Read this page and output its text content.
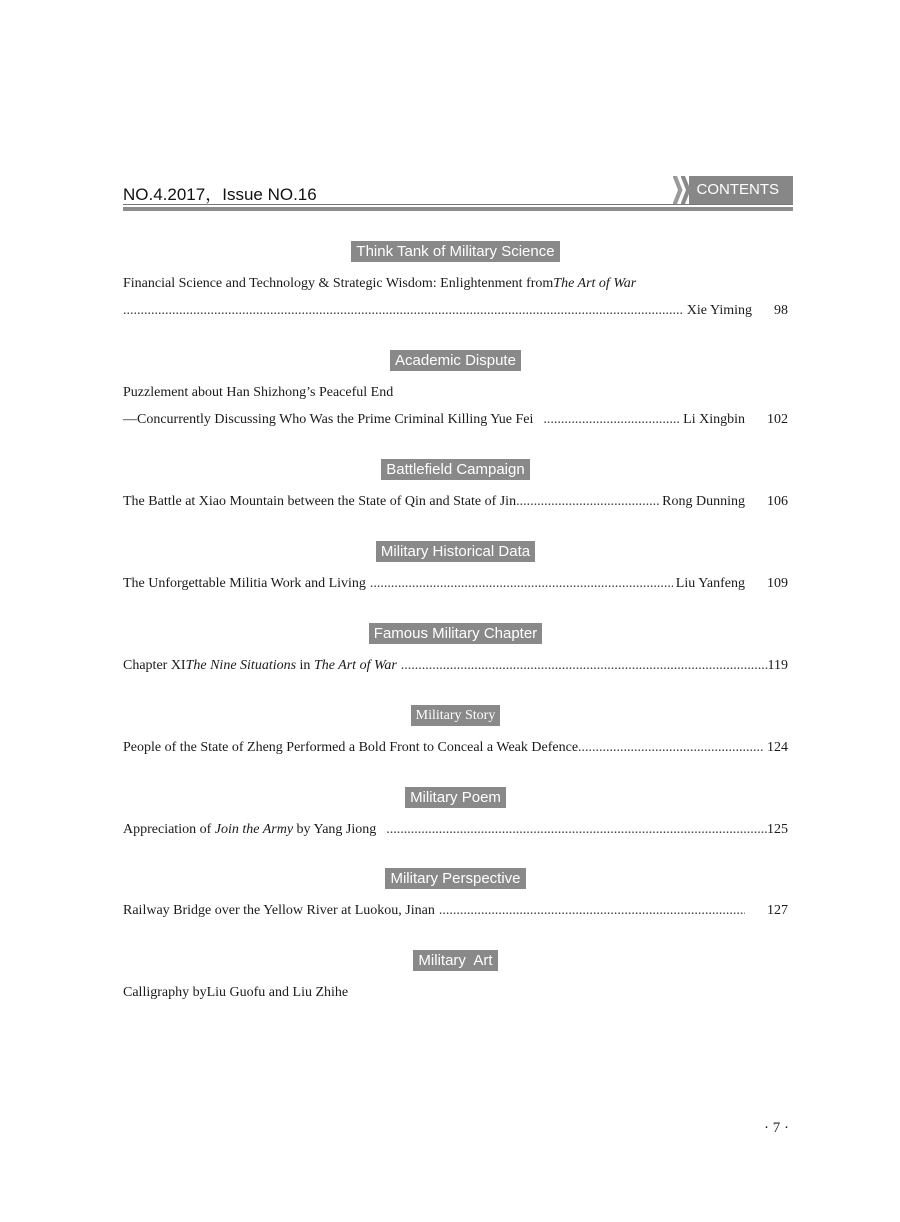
NO.4.2017，Issue NO.16	CONTENTS
Think Tank of Military Science
Financial Science and Technology & Strategic Wisdom: Enlightenment from The Art of War
.....
Xie Yiming	98
Academic Dispute
Puzzlement about Han Shizhong’s Peaceful End
—Concurrently Discussing Who Was the Prime Criminal Killing Yue Fei .....	Li Xingbin	102
Battlefield Campaign
The Battle at Xiao Mountain between the State of Qin and State of Jin .....	Rong Dunning	106
Military Historical Data
The Unforgettable Militia Work and Living .....	Liu Yanfeng	109
Famous Military Chapter
Chapter XI The Nine Situations in The Art of War .....	119
Military Story
People of the State of Zheng Performed a Bold Front to Conceal a Weak Defence .....	124
Military Poem
Appreciation of Join the Army by Yang Jiong .....	125
Military Perspective
Railway Bridge over the Yellow River at Luokou, Jinan .....	127
Military  Art
Calligraphy byLiu Guofu and Liu Zhihe
· 7 ·
